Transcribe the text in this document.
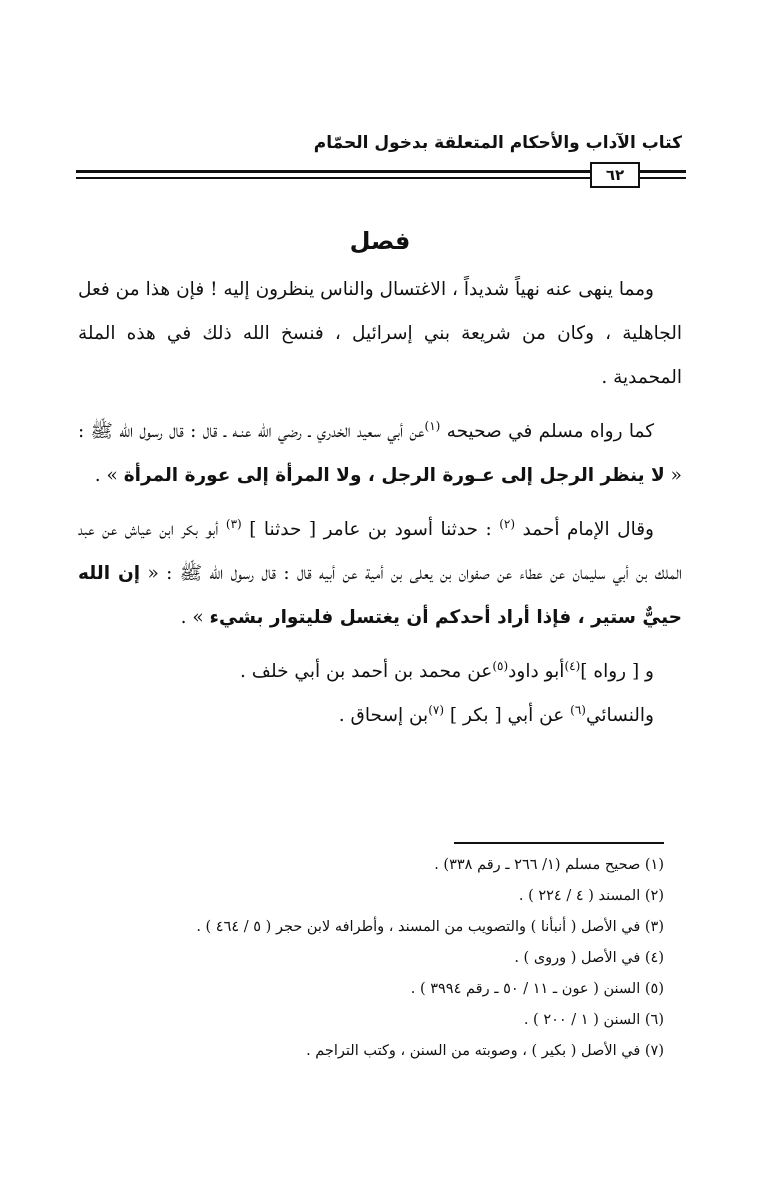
كتاب الآداب والأحكام المتعلقة بدخول الحمّام
٦٢
فصل

ومما ينهى عنه نهياً شديداً ، الاغتسال والناس ينظرون إليه ! فإن هذا من فعل الجاهلية ، وكان من شريعة بني إسرائيل ، فنسخ الله ذلك في هذه الملة المحمدية .

كما رواه مسلم في صحيحه $^{(١)}$عن أبي سعيد الخدري ـ رضي الله عنـه ـ قال : قال رسول الله ﷺ : « لا ينظر الرجل إلى عـورة الرجل ، ولا المرأة إلى عورة المرأة » .

وقال الإمام أحمد $^{(٢)}$ : حدثنا أسود بن عامر [ حدثنا ] $^{(٣)}$ أبو بكر ابن عياش عن عبد الملك بن أبي سليمان عن عطاء عن صفوان بن يعلى بن أمية عن أبيه قال : قال رسول الله ﷺ : « إن الله حييٌّ ستير ، فإذا أراد أحدكم أن يغتسل فليتوار بشيء » .

و [ رواه ]$^{(٤)}$أبو داود$^{(٥)}$عن محمد بن أحمد بن أبي خلف .

والنسائي$^{(٦)}$ عن أبي [ بكر ] $^{(٧)}$بن إسحاق .

(١) صحيح مسلم (١/ ٢٦٦ ـ رقم ٣٣٨) .
(٢) المسند ( ٤ / ٢٢٤ ) .
(٣) في الأصل ( أنبأنا ) والتصويب من المسند ، وأطرافه لابن حجر ( ٥ / ٤٦٤ ) .
(٤) في الأصل ( وروى ) .
(٥) السنن ( عون ـ ١١ / ٥٠ ـ رقم ٣٩٩٤ ) .
(٦) السنن ( ١ / ٢٠٠ ) .
(٧) في الأصل ( بكير ) ، وصوبته من السنن ، وكتب التراجم .
